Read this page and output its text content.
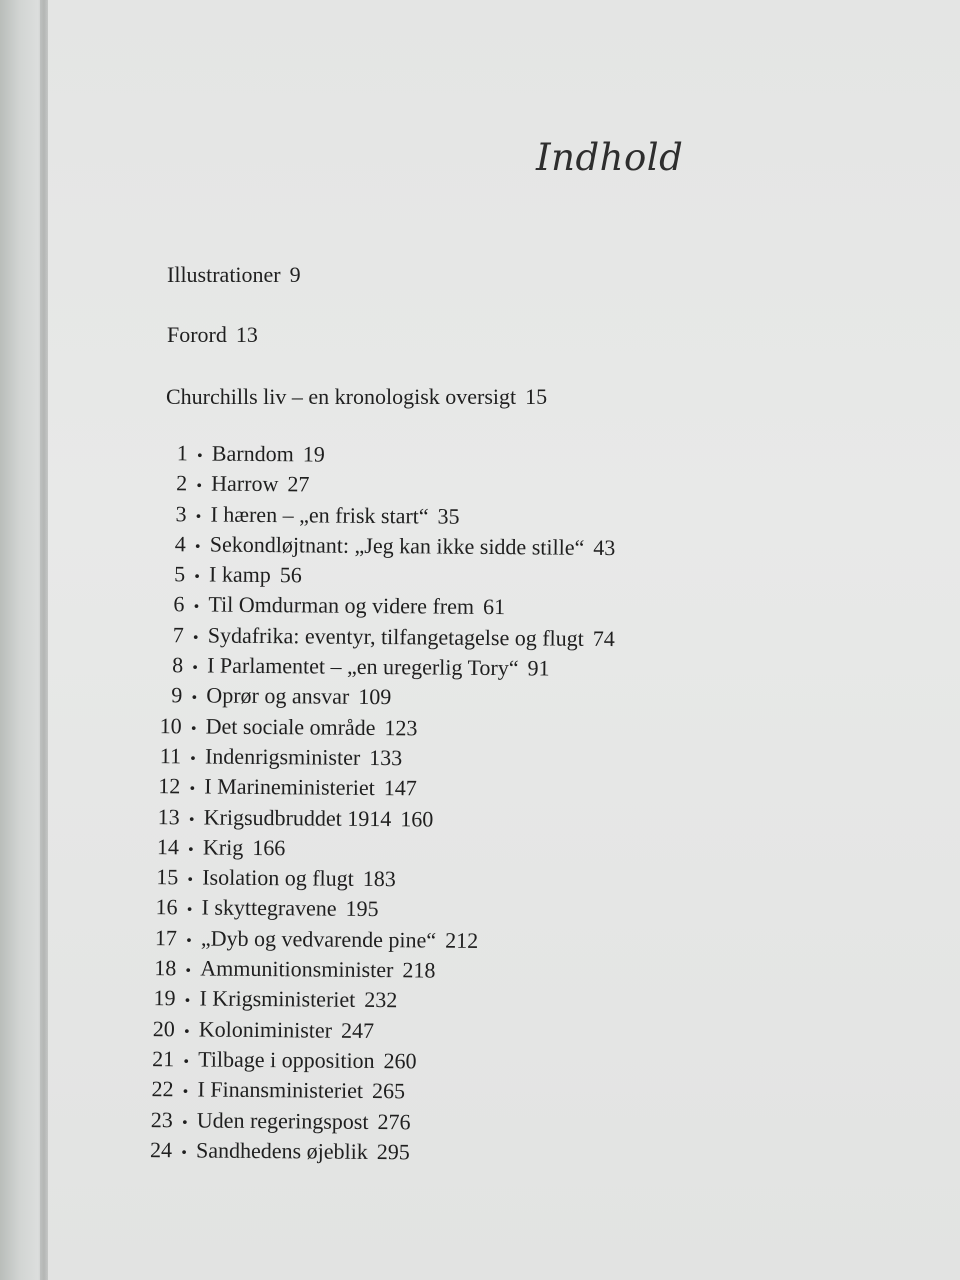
Indhold
Illustrationer 9
Forord 13
Churchills liv – en kronologisk oversigt 15
1 • Barndom 19
2 • Harrow 27
3 • I hæren – „en frisk start“ 35
4 • Sekondløjtnant: „Jeg kan ikke sidde stille“ 43
5 • I kamp 56
6 • Til Omdurman og videre frem 61
7 • Sydafrika: eventyr, tilfangetagelse og flugt 74
8 • I Parlamentet – „en uregerlig Tory“ 91
9 • Oprør og ansvar 109
10 • Det sociale område 123
11 • Indenrigsminister 133
12 • I Marineministeriet 147
13 • Krigsudbruddet 1914 160
14 • Krig 166
15 • Isolation og flugt 183
16 • I skyttegravene 195
17 • „Dyb og vedvarende pine“ 212
18 • Ammunitionsminister 218
19 • I Krigsministeriet 232
20 • Koloniminister 247
21 • Tilbage i opposition 260
22 • I Finansministeriet 265
23 • Uden regeringspost 276
24 • Sandhedens øjeblik 295
